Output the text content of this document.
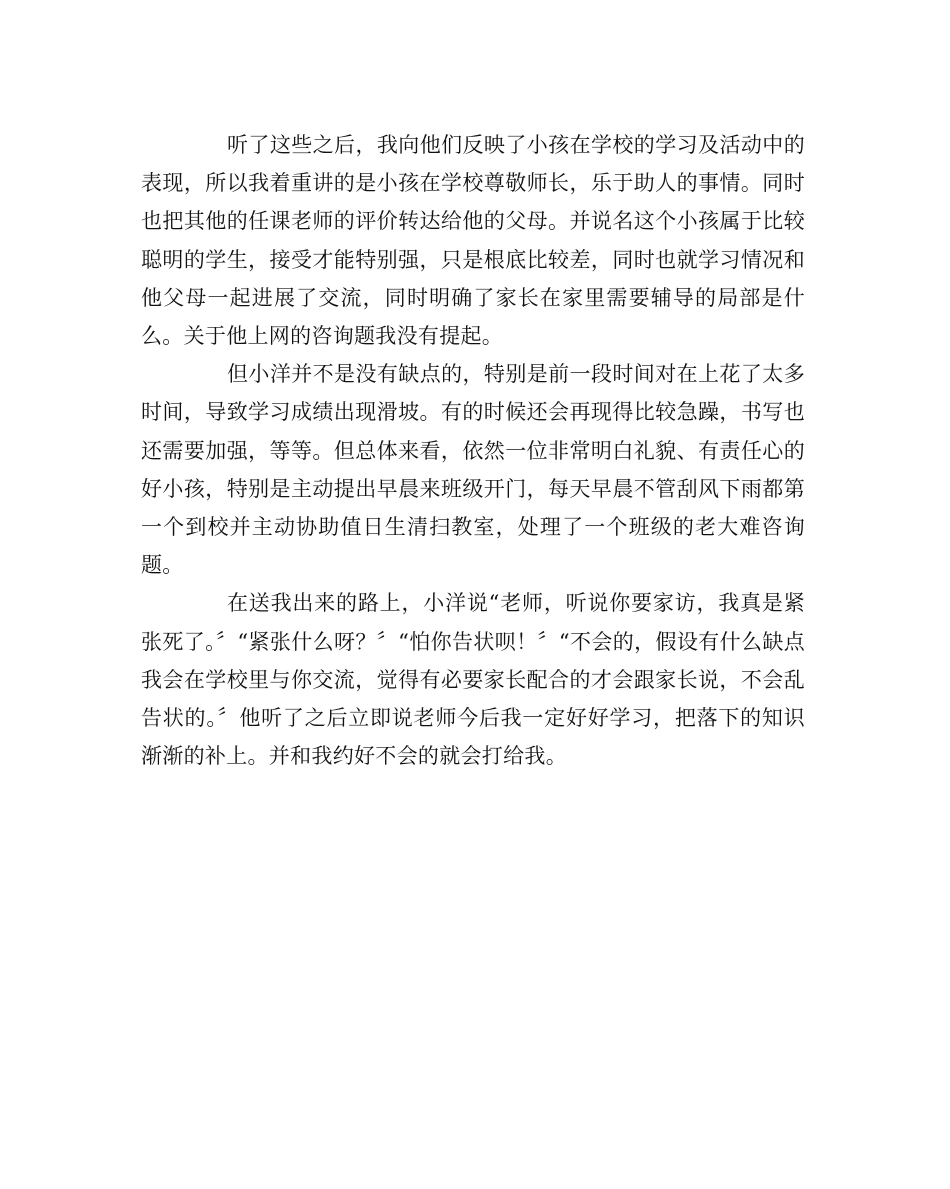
听了这些之后，我向他们反映了小孩在学校的学习及活动中的表现，所以我着重讲的是小孩在学校尊敬师长，乐于助人的事情。同时也把其他的任课老师的评价转达给他的父母。并说名这个小孩属于比较聪明的学生，接受才能特别强，只是根底比较差，同时也就学习情况和他父母一起进展了交流，同时明确了家长在家里需要辅导的局部是什么。关于他上网的咨询题我没有提起。

但小洋并不是没有缺点的，特别是前一段时间对在上花了太多时间，导致学习成绩出现滑坡。有的时候还会再现得比较急躁，书写也还需要加强，等等。但总体来看，依然一位非常明白礼貌、有责任心的好小孩，特别是主动提出早晨来班级开门，每天早晨不管刮风下雨都第一个到校并主动协助值日生清扫教室，处理了一个班级的老大难咨询题。

在送我出来的路上，小洋说“老师，听说你要家访，我真是紧张死了。〞“紧张什么呀？〞“怕你告状呗！〞“不会的，假设有什么缺点我会在学校里与你交流，觉得有必要家长配合的才会跟家长说，不会乱告状的。〞他听了之后立即说老师今后我一定好好学习，把落下的知识渐渐的补上。并和我约好不会的就会打给我。
